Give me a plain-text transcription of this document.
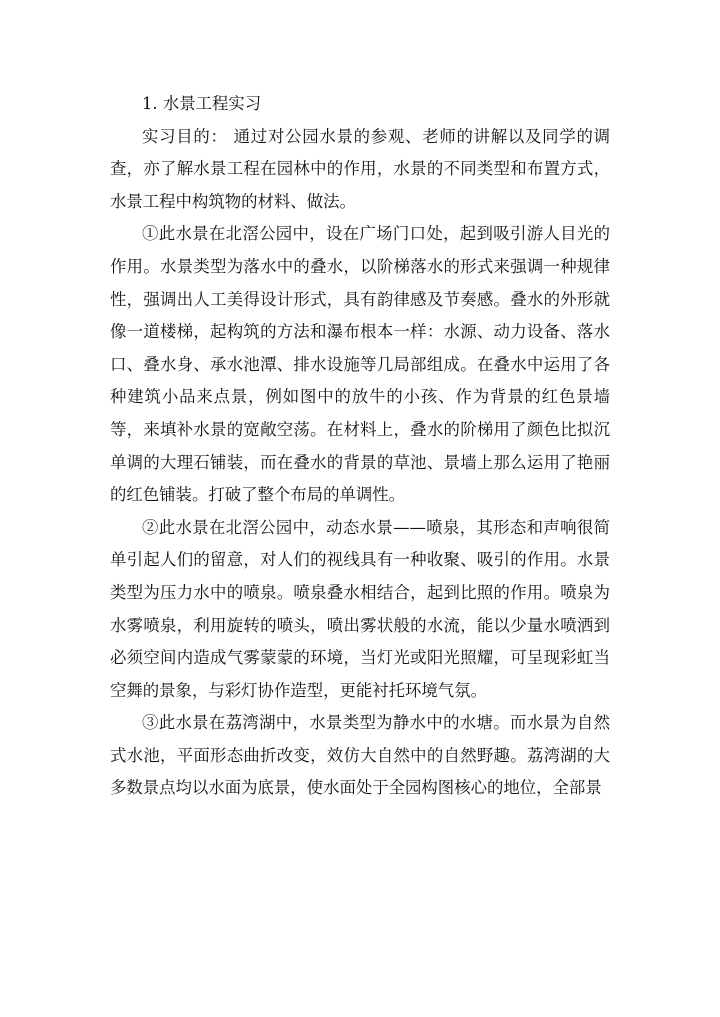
1. 水景工程实习

实习目的： 通过对公园水景的参观、老师的讲解以及同学的调查，亦了解水景工程在园林中的作用，水景的不同类型和布置方式，水景工程中构筑物的材料、做法。

①此水景在北滘公园中，设在广场门口处，起到吸引游人目光的作用。水景类型为落水中的叠水，以阶梯落水的形式来强调一种规律性，强调出人工美得设计形式，具有韵律感及节奏感。叠水的外形就像一道楼梯，起构筑的方法和瀑布根本一样：水源、动力设备、落水口、叠水身、承水池潭、排水设施等几局部组成。在叠水中运用了各种建筑小品来点景，例如图中的放牛的小孩、作为背景的红色景墙等，来填补水景的宽敞空荡。在材料上，叠水的阶梯用了颜色比拟沉单调的大理石铺装，而在叠水的背景的草池、景墙上那么运用了艳丽的红色铺装。打破了整个布局的单调性。

②此水景在北滘公园中，动态水景——喷泉，其形态和声响很简单引起人们的留意，对人们的视线具有一种收聚、吸引的作用。水景类型为压力水中的喷泉。喷泉叠水相结合，起到比照的作用。喷泉为水雾喷泉，利用旋转的喷头，喷出雾状般的水流，能以少量水喷洒到必须空间内造成气雾蒙蒙的环境，当灯光或阳光照耀，可呈现彩虹当空舞的景象，与彩灯协作造型，更能衬托环境气氛。

③此水景在荔湾湖中，水景类型为静水中的水塘。而水景为自然式水池，平面形态曲折改变，效仿大自然中的自然野趣。荔湾湖的大多数景点均以水面为底景，使水面处于全园构图核心的地位，全部景
